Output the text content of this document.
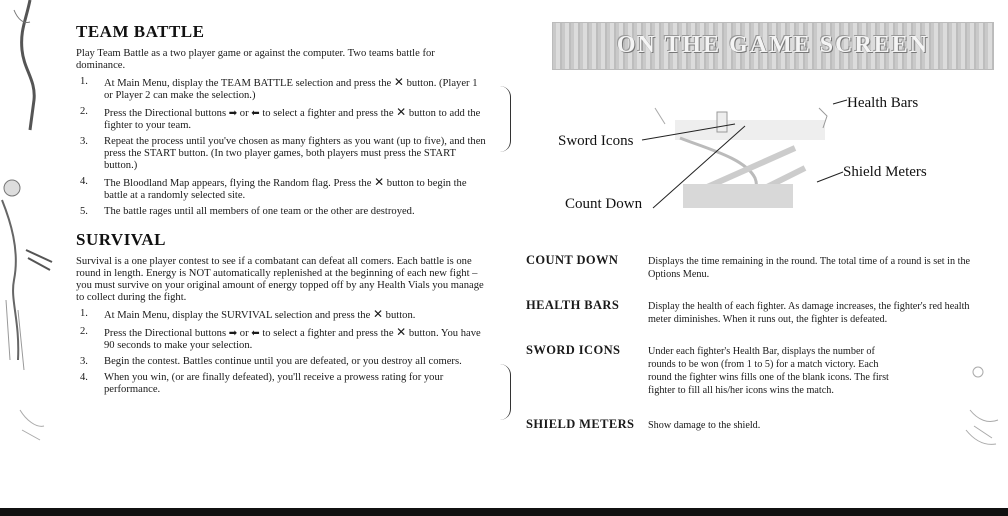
TEAM BATTLE
Play Team Battle as a two player game or against the computer. Two teams battle for dominance.
1. At Main Menu, display the TEAM BATTLE selection and press the ✕ button. (Player 1 or Player 2 can make the selection.)
2. Press the Directional buttons ➡ or ⬅ to select a fighter and press the ✕ button to add the fighter to your team.
3. Repeat the process until you've chosen as many fighters as you want (up to five), and then press the START button. (In two player games, both players must press the START button.)
4. The Bloodland Map appears, flying the Random flag. Press the ✕ button to begin the battle at a randomly selected site.
5. The battle rages until all members of one team or the other are destroyed.
SURVIVAL
Survival is a one player contest to see if a combatant can defeat all comers. Each battle is one round in length. Energy is NOT automatically replenished at the beginning of each new fight – you must survive on your original amount of energy topped off by any Health Vials you manage to collect during the fight.
1. At Main Menu, display the SURVIVAL selection and press the ✕ button.
2. Press the Directional buttons ➡ or ⬅ to select a fighter and press the ✕ button. You have 90 seconds to make your selection.
3. Begin the contest. Battles continue until you are defeated, or you destroy all comers.
4. When you win, (or are finally defeated), you'll receive a prowess rating for your performance.
ON THE GAME SCREEN
Health Bars
Sword Icons
Shield Meters
Count Down
COUNT DOWN	Displays the time remaining in the round. The total time of a round is set in the Options Menu.
HEALTH BARS	Display the health of each fighter. As damage increases, the fighter's red health meter diminishes. When it runs out, the fighter is defeated.
SWORD ICONS	Under each fighter's Health Bar, displays the number of rounds to be won (from 1 to 5) for a match victory. Each round the fighter wins fills one of the blank icons. The first fighter to fill all his/her icons wins the match.
SHIELD METERS Show damage to the shield.
